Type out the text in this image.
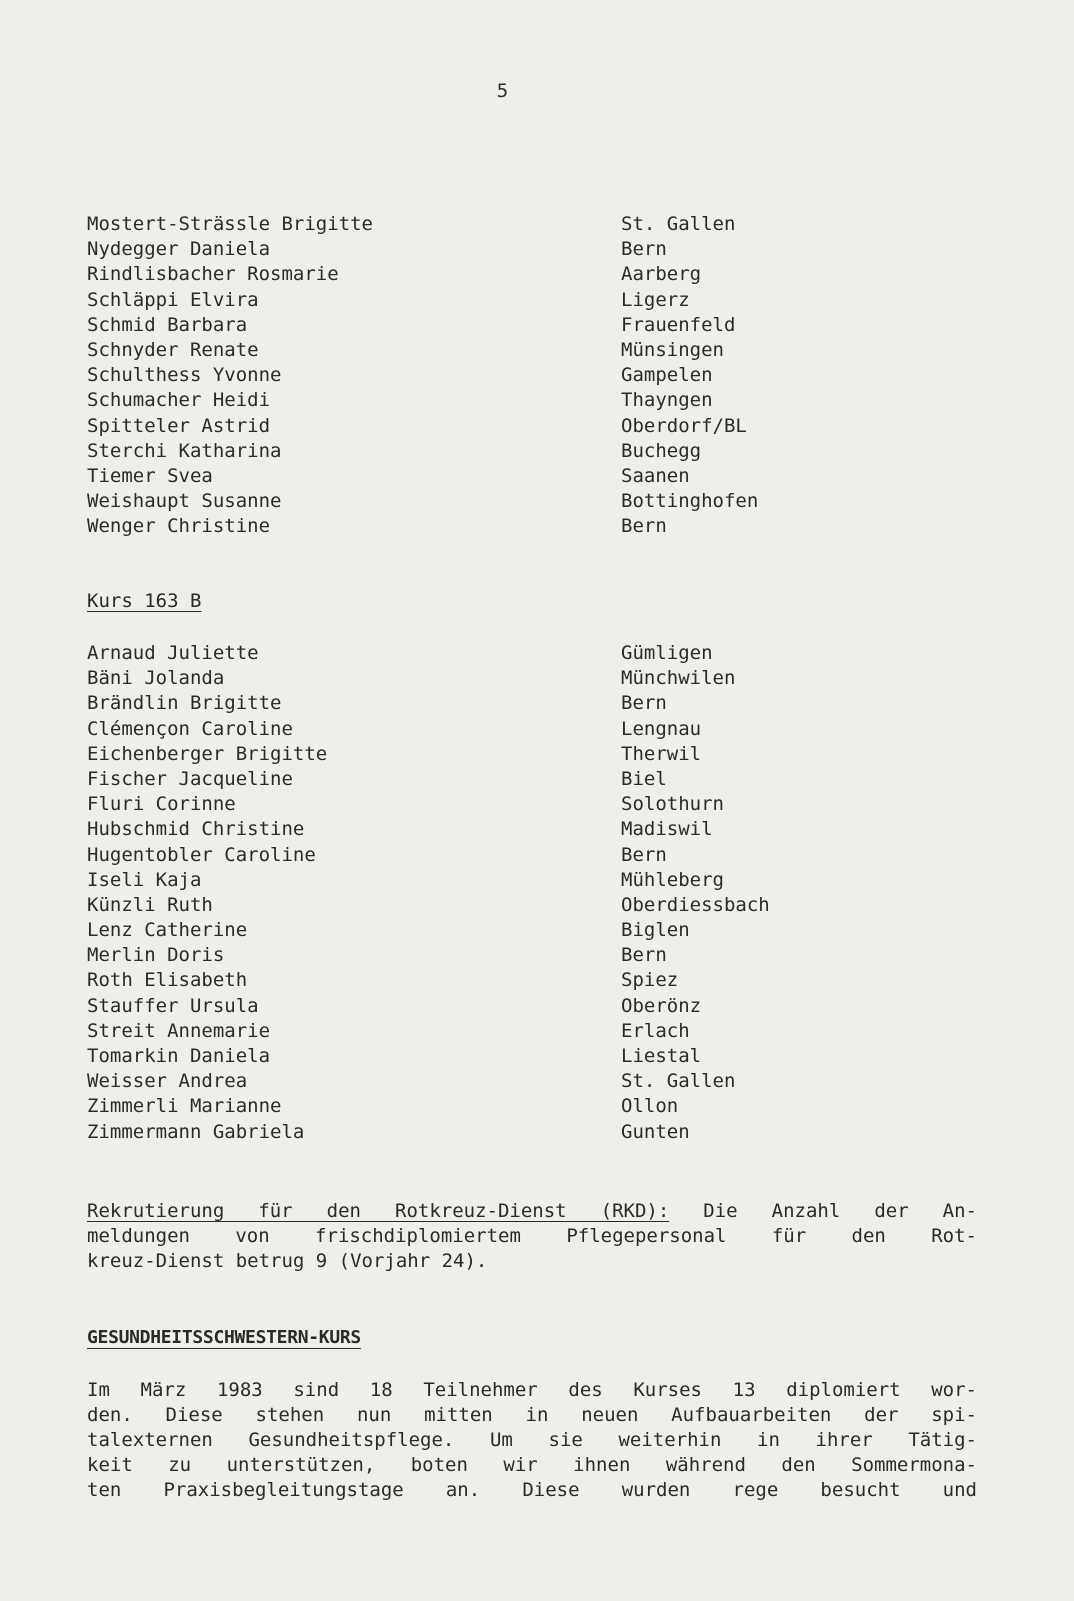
5
Mostert-Strässle Brigitte	St. Gallen
Nydegger Daniela	Bern
Rindlisbacher Rosmarie	Aarberg
Schläppi Elvira	Ligerz
Schmid Barbara	Frauenfeld
Schnyder Renate	Münsingen
Schulthess Yvonne	Gampelen
Schumacher Heidi	Thayngen
Spitteler Astrid	Oberdorf/BL
Sterchi Katharina	Buchegg
Tiemer Svea	Saanen
Weishaupt Susanne	Bottinghofen
Wenger Christine	Bern
Kurs 163 B
Arnaud Juliette	Gümligen
Bäni Jolanda	Münchwilen
Brändlin Brigitte	Bern
Clémençon Caroline	Lengnau
Eichenberger Brigitte	Therwil
Fischer Jacqueline	Biel
Fluri Corinne	Solothurn
Hubschmid Christine	Madiswil
Hugentobler Caroline	Bern
Iseli Kaja	Mühleberg
Künzli Ruth	Oberdiessbach
Lenz Catherine	Biglen
Merlin Doris	Bern
Roth Elisabeth	Spiez
Stauffer Ursula	Oberönz
Streit Annemarie	Erlach
Tomarkin Daniela	Liestal
Weisser Andrea	St. Gallen
Zimmerli Marianne	Ollon
Zimmermann Gabriela	Gunten

Rekrutierung für den Rotkreuz-Dienst (RKD): Die Anzahl der An-
meldungen von frischdiplomiertem Pflegepersonal für den Rot-
kreuz-Dienst betrug 9 (Vorjahr 24).

GESUNDHEITSSCHWESTERN-KURS

Im März 1983 sind 18 Teilnehmer des Kurses 13 diplomiert wor-
den. Diese stehen nun mitten in neuen Aufbauarbeiten der spi-
talexternen Gesundheitspflege. Um sie weiterhin in ihrer Tätig-
keit zu unterstützen, boten wir ihnen während den Sommermona-
ten Praxisbegleitungstage an. Diese wurden rege besucht und
